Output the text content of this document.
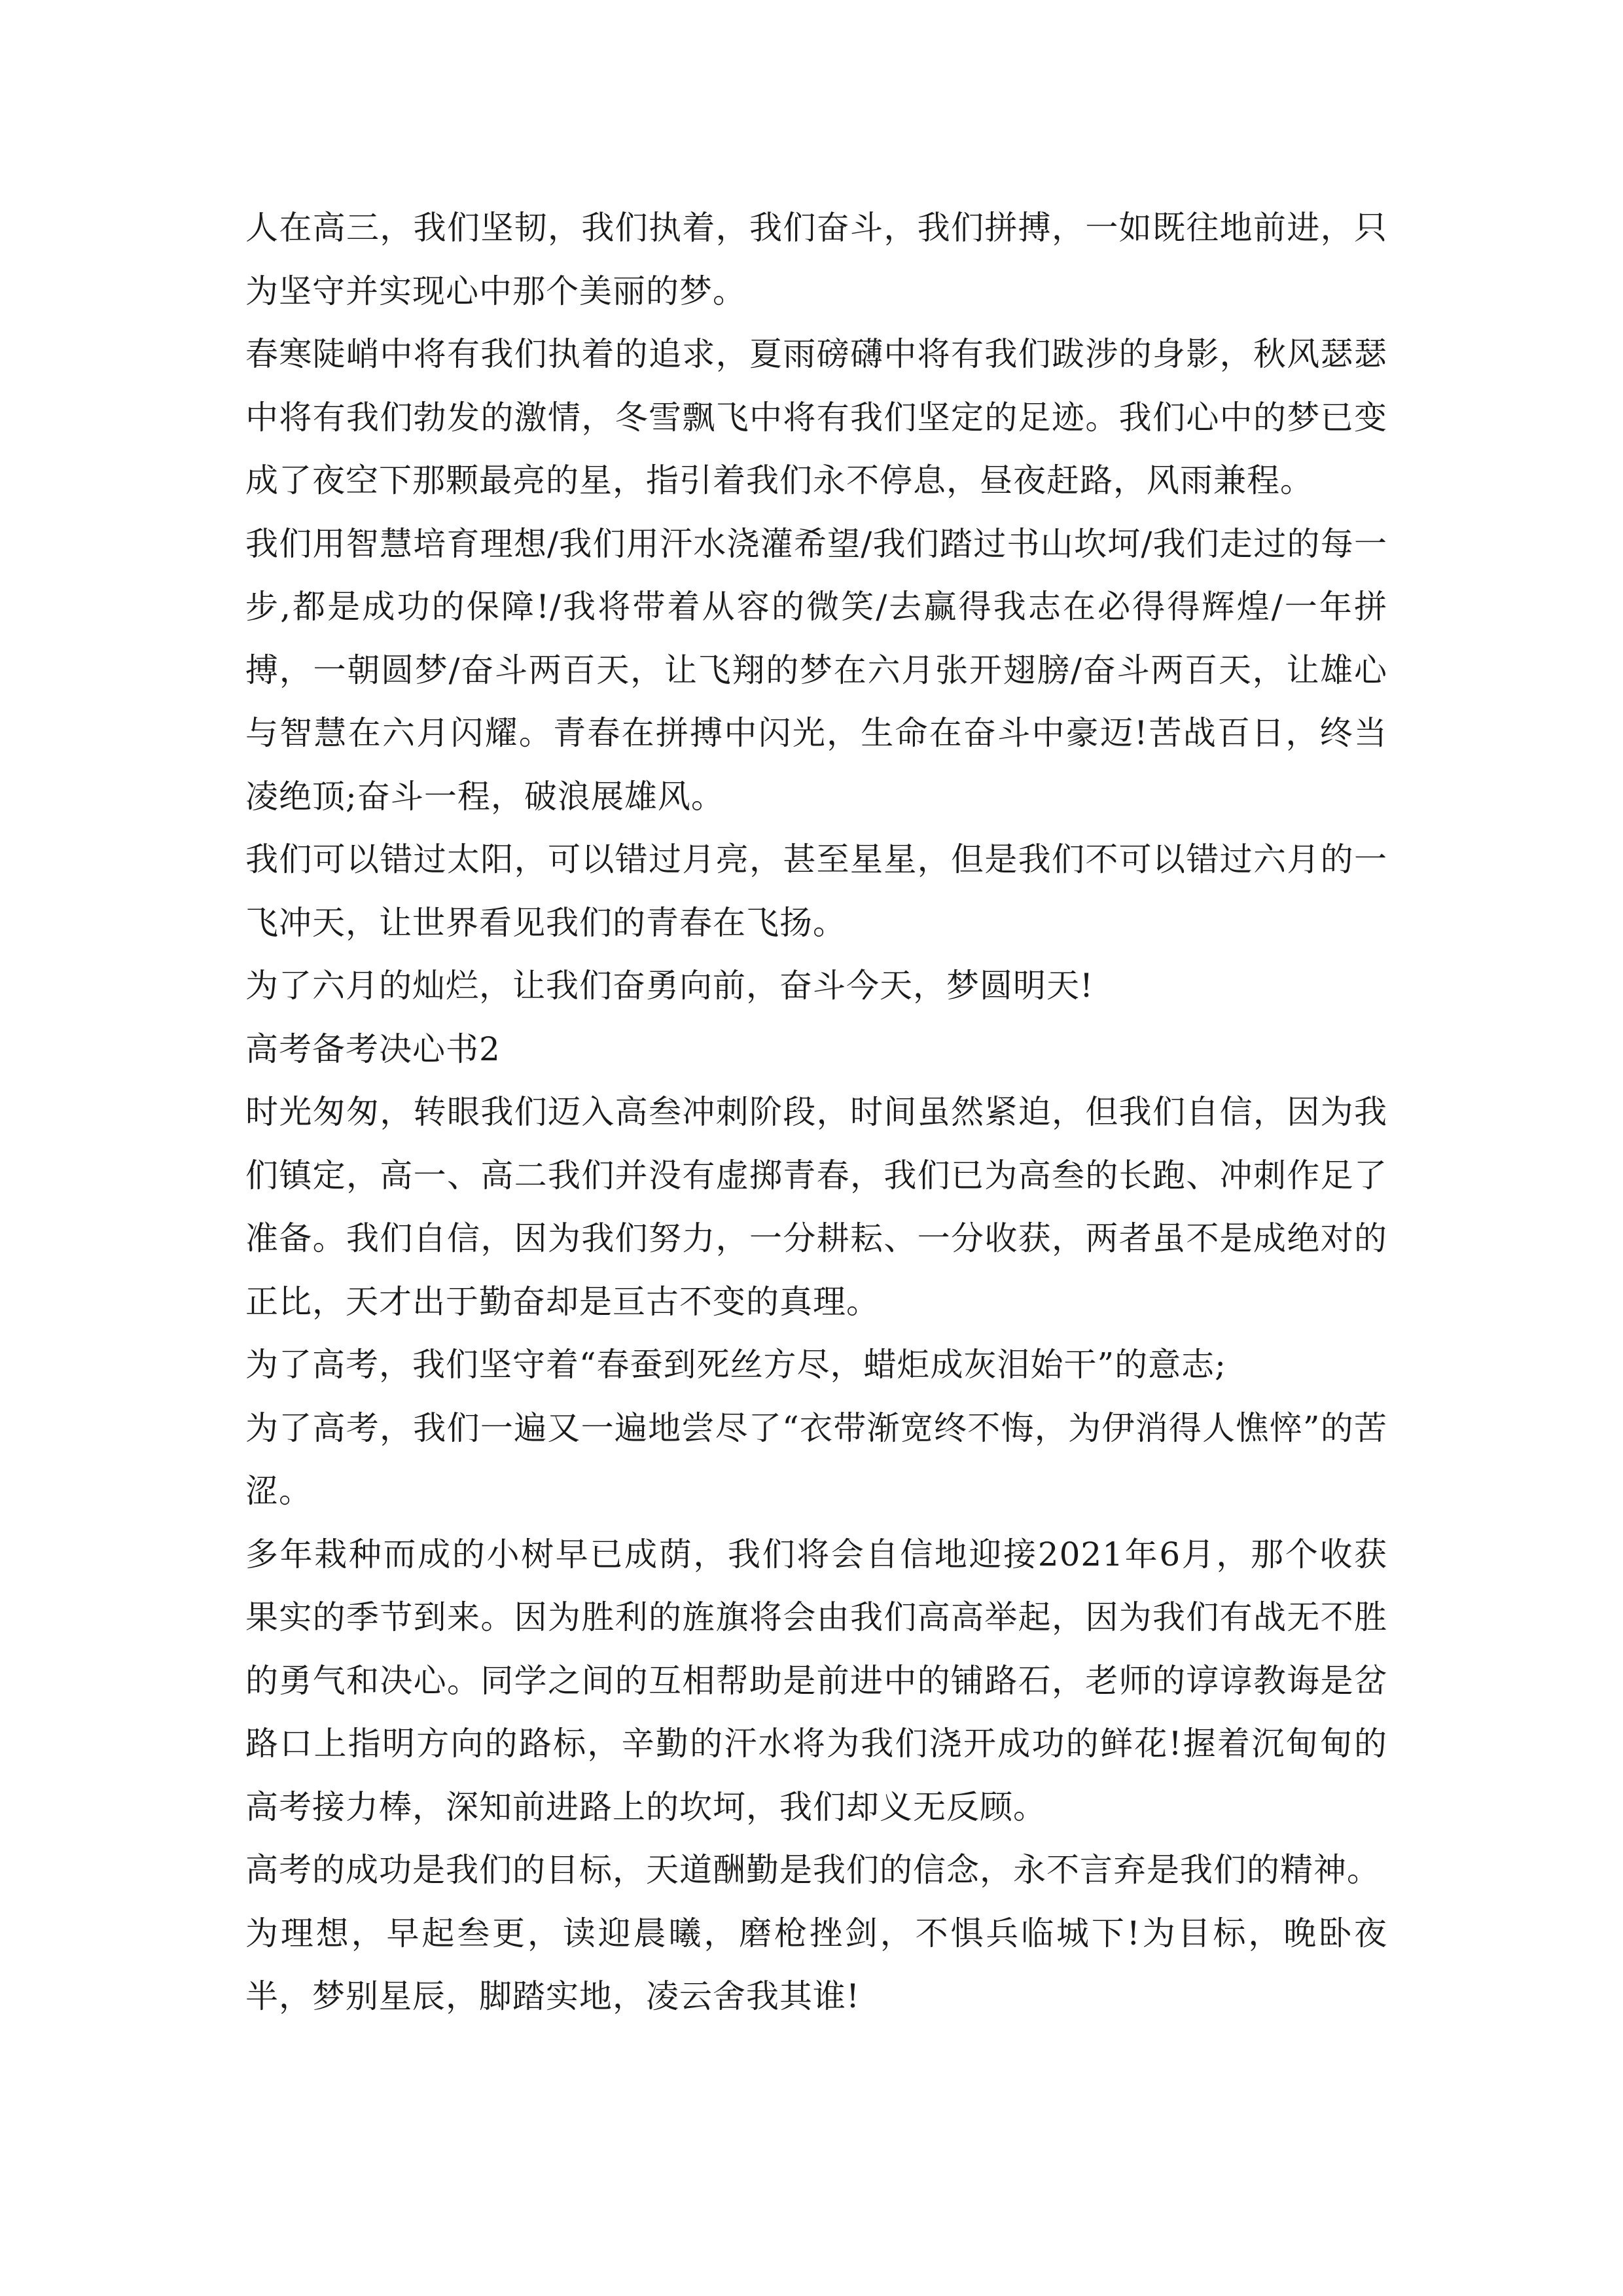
人在高三，我们坚韧，我们执着，我们奋斗，我们拼搏，一如既往地前进，只为坚守并实现心中那个美丽的梦。

春寒陡峭中将有我们执着的追求，夏雨磅礴中将有我们跋涉的身影，秋风瑟瑟中将有我们勃发的激情，冬雪飘飞中将有我们坚定的足迹。我们心中的梦已变成了夜空下那颗最亮的星，指引着我们永不停息，昼夜赶路，风雨兼程。

我们用智慧培育理想/我们用汗水浇灌希望/我们踏过书山坎坷/我们走过的每一步,都是成功的保障!/我将带着从容的微笑/去赢得我志在必得得辉煌/一年拼搏，一朝圆梦/奋斗两百天，让飞翔的梦在六月张开翅膀/奋斗两百天，让雄心与智慧在六月闪耀。青春在拼搏中闪光，生命在奋斗中豪迈!苦战百日，终当凌绝顶;奋斗一程，破浪展雄风。

我们可以错过太阳，可以错过月亮，甚至星星，但是我们不可以错过六月的一飞冲天，让世界看见我们的青春在飞扬。

为了六月的灿烂，让我们奋勇向前，奋斗今天，梦圆明天!

高考备考决心书2

时光匆匆，转眼我们迈入高叁冲刺阶段，时间虽然紧迫，但我们自信，因为我们镇定，高一、高二我们并没有虚掷青春，我们已为高叁的长跑、冲刺作足了准备。我们自信，因为我们努力，一分耕耘、一分收获，两者虽不是成绝对的正比，天才出于勤奋却是亘古不变的真理。

为了高考，我们坚守着“春蚕到死丝方尽，蜡炬成灰泪始干”的意志;

为了高考，我们一遍又一遍地尝尽了“衣带渐宽终不悔，为伊消得人憔悴”的苦涩。

多年栽种而成的小树早已成荫，我们将会自信地迎接2021年6月，那个收获果实的季节到来。因为胜利的旌旗将会由我们高高举起，因为我们有战无不胜的勇气和决心。同学之间的互相帮助是前进中的铺路石，老师的谆谆教诲是岔路口上指明方向的路标，辛勤的汗水将为我们浇开成功的鲜花!握着沉甸甸的高考接力棒，深知前进路上的坎坷，我们却义无反顾。

高考的成功是我们的目标，天道酬勤是我们的信念，永不言弃是我们的精神。

为理想，早起叁更，读迎晨曦，磨枪挫剑，不惧兵临城下!为目标，晚卧夜半，梦别星辰，脚踏实地，凌云舍我其谁!
